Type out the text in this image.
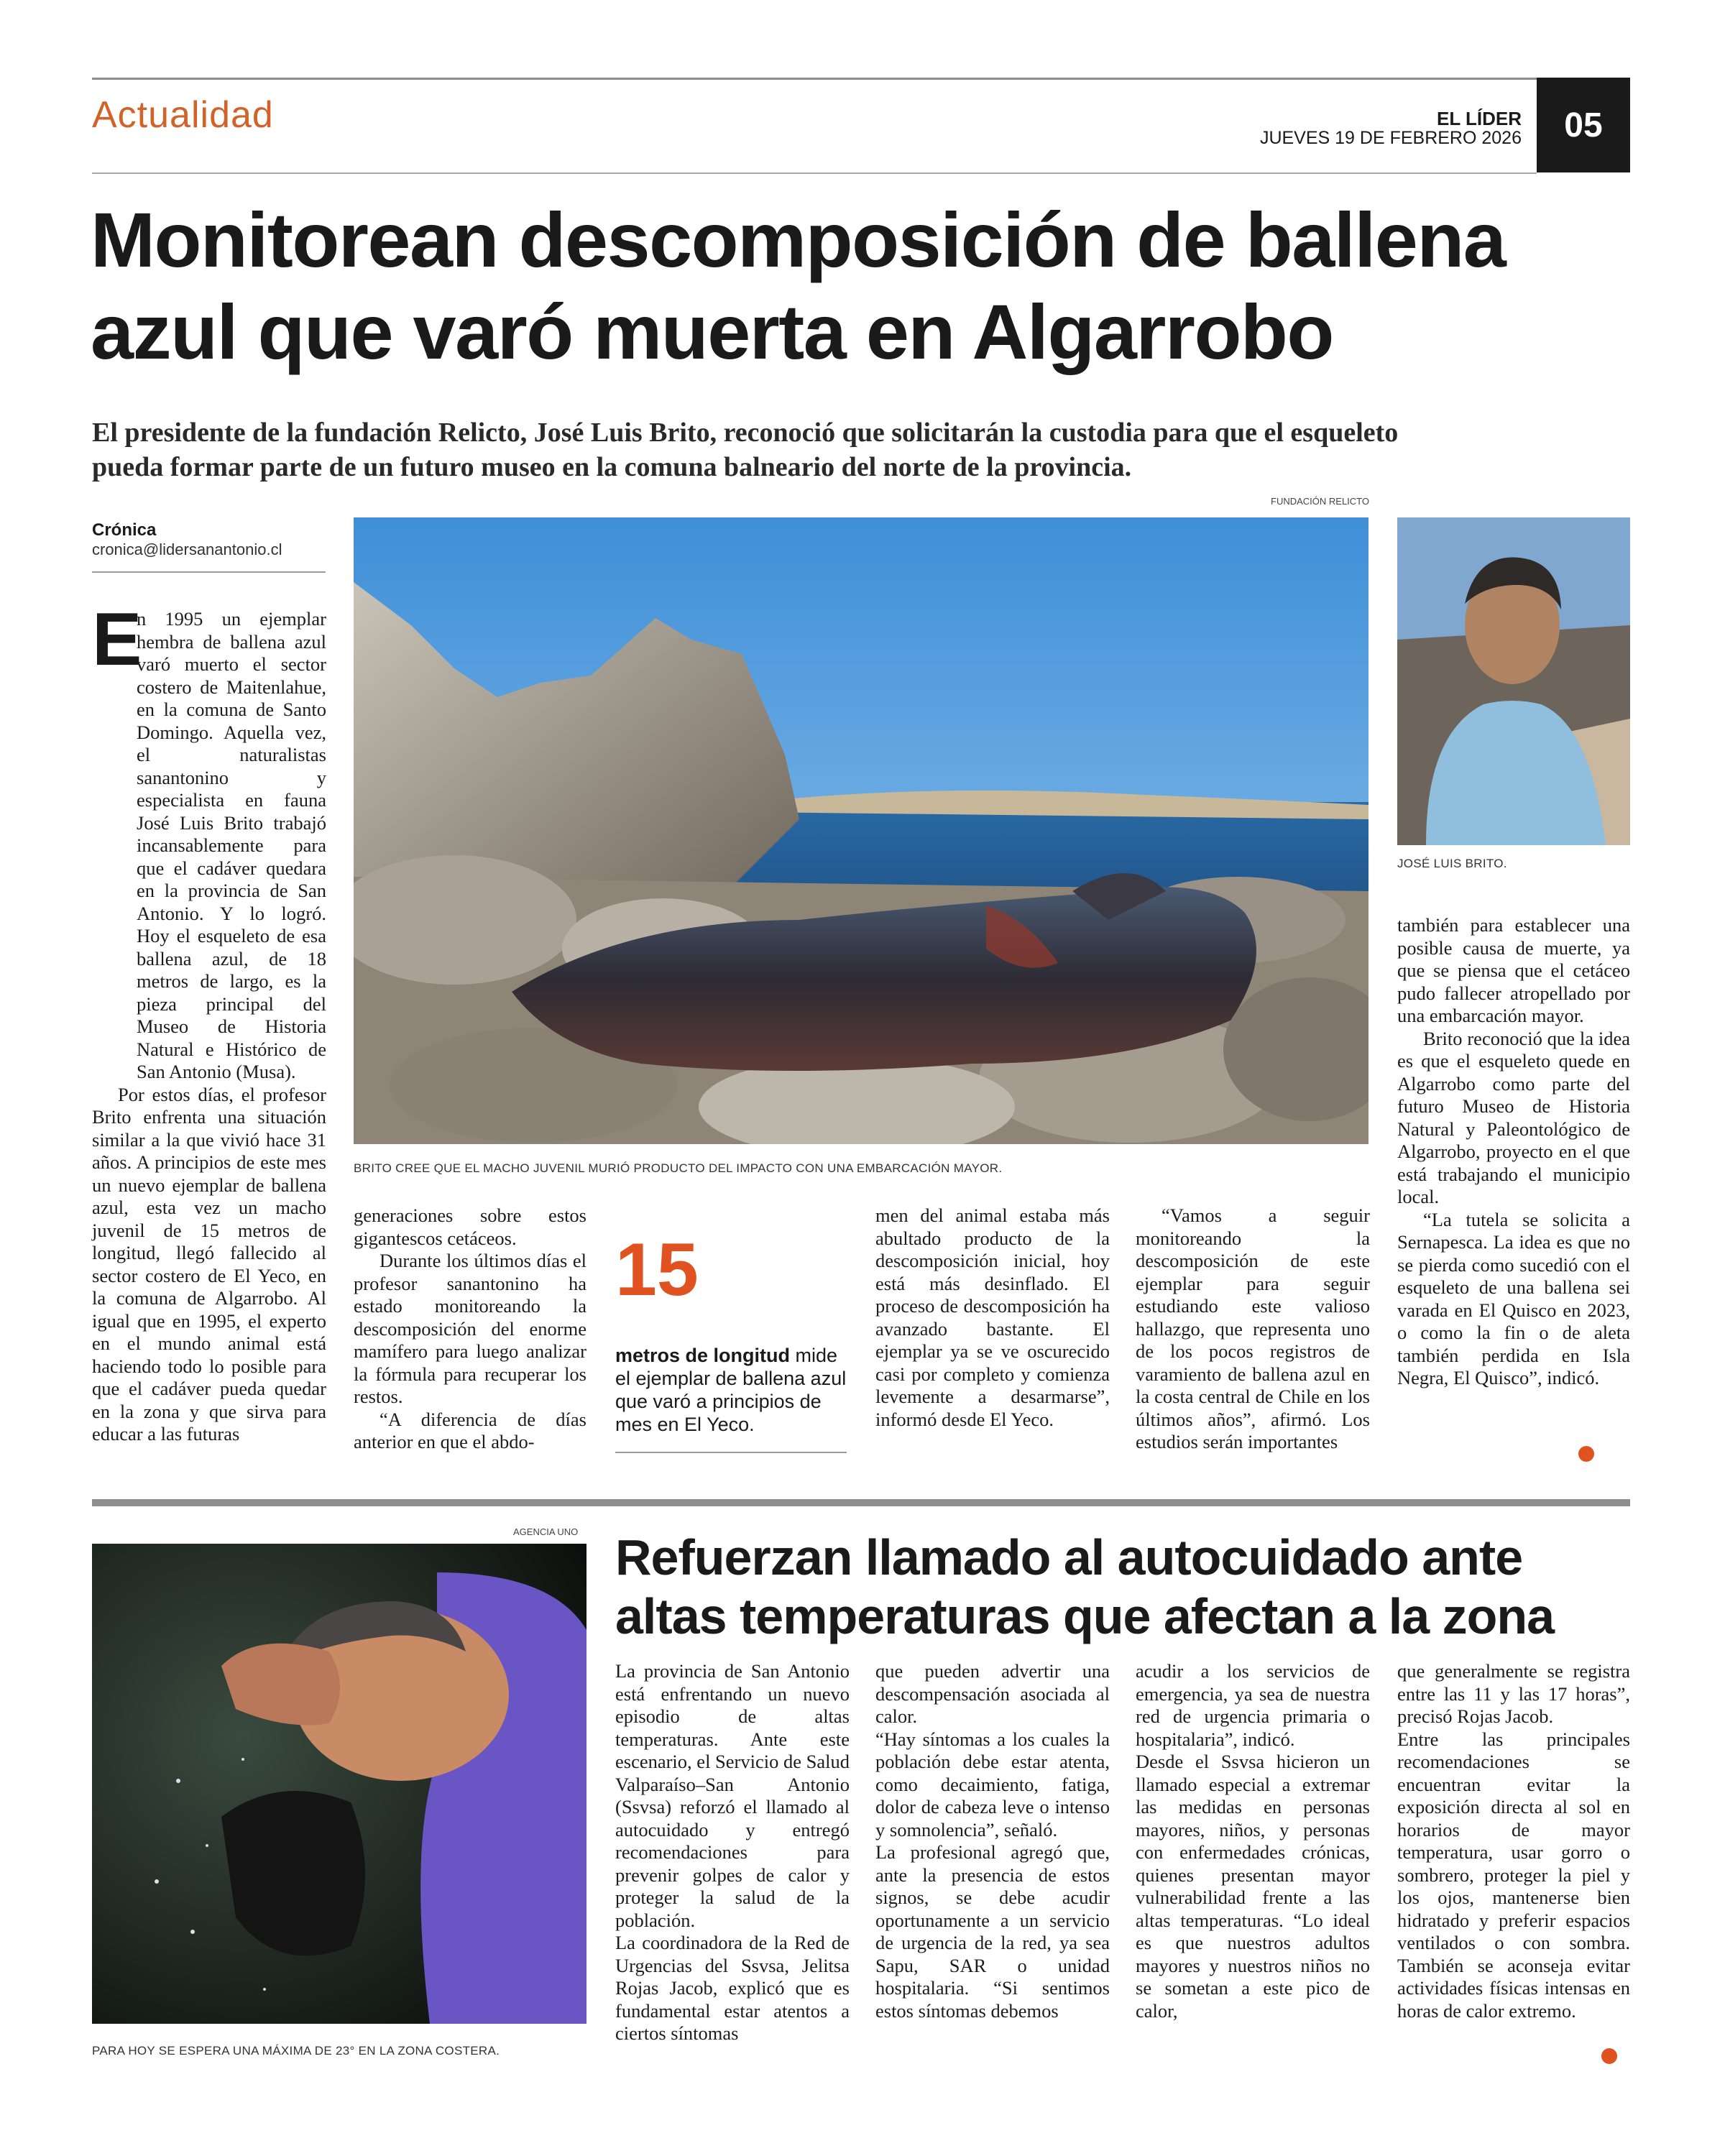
Actualidad	EL LÍDER
JUEVES 19 DE FEBRERO 2026 05
Monitorean descomposición de ballena
azul que varó muerta en Algarrobo
El presidente de la fundación Relicto, José Luis Brito, reconoció que solicitarán la custodia para que el esqueleto
pueda formar parte de un futuro museo en la comuna balneario del norte de la provincia.
FUNDACIÓN RELICTO
Crónica
cronica@lidersanantonio.cl
BRITO CREE QUE EL MACHO JUVENIL MURIÓ PRODUCTO DEL IMPACTO CON UNA EMBARCACIÓN MAYOR.
JOSÉ LUIS BRITO.
E

n 1995 un ejemplar hembra de ballena azul varó muerto el sector costero de Maitenlahue, en la comuna de Santo Domingo. Aquella vez, el naturalistas sanantonino y especialista en fauna José Luis Brito trabajó incansablemente para que el cadáver quedara en la provincia de San Antonio. Y lo logró. Hoy el esqueleto de esa ballena azul, de 18 metros de largo, es la pieza principal del Museo de Historia Natural e Histórico de San Antonio (Musa).

Por estos días, el profesor Brito enfrenta una situación similar a la que vivió hace 31 años. A principios de este mes un nuevo ejemplar de ballena azul, esta vez un macho juvenil de 15 metros de longitud, llegó fallecido al sector costero de El Yeco, en la comuna de Algarrobo. Al igual que en 1995, el experto en el mundo animal está haciendo todo lo posible para que el cadáver pueda quedar en la zona y que sirva para educar a las futuras

generaciones sobre estos gigantescos cetáceos.

Durante los últimos días el profesor sanantonino ha estado monitoreando la descomposición del enorme mamífero para luego analizar la fórmula para recuperar los restos.

“A diferencia de días anterior en que el abdo-

15
metros de longitud mide el ejemplar de ballena azul que varó a principios de mes en El Yeco.

men del animal estaba más abultado producto de la descomposición inicial, hoy está más desinflado. El proceso de descomposición ha avanzado bastante. El ejemplar ya se ve oscurecido casi por completo y comienza levemente a desarmarse”, informó desde El Yeco.

“Vamos a seguir monitoreando la descomposición de este ejemplar para seguir estudiando este valioso hallazgo, que representa uno de los pocos registros de varamiento de ballena azul en la costa central de Chile en los últimos años”, afirmó. Los estudios serán importantes

también para establecer una posible causa de muerte, ya que se piensa que el cetáceo pudo fallecer atropellado por una embarcación mayor.

Brito reconoció que la idea es que el esqueleto quede en Algarrobo como parte del futuro Museo de Historia Natural y Paleontológico de Algarrobo, proyecto en el que está trabajando el municipio local.

“La tutela se solicita a Sernapesca. La idea es que no se pierda como sucedió con el esqueleto de una ballena sei varada en El Quisco en 2023, o como la fin o de aleta también perdida en Isla Negra, El Quisco”, indicó.

AGENCIA UNO
PARA HOY SE ESPERA UNA MÁXIMA DE 23° EN LA ZONA COSTERA.
Refuerzan llamado al autocuidado ante
altas temperaturas que afectan a la zona

La provincia de San Antonio está enfrentando un nuevo episodio de altas temperaturas. Ante este escenario, el Servicio de Salud Valparaíso–San Antonio (Ssvsa) reforzó el llamado al autocuidado y entregó recomendaciones para prevenir golpes de calor y proteger la salud de la población.

La coordinadora de la Red de Urgencias del Ssvsa, Jelitsa Rojas Jacob, explicó que es fundamental estar atentos a ciertos síntomas

que pueden advertir una descompensación asociada al calor.

“Hay síntomas a los cuales la población debe estar atenta, como decaimiento, fatiga, dolor de cabeza leve o intenso y somnolencia”, señaló.

La profesional agregó que, ante la presencia de estos signos, se debe acudir oportunamente a un servicio de urgencia de la red, ya sea Sapu, SAR o unidad hospitalaria. “Si sentimos estos síntomas debemos

acudir a los servicios de emergencia, ya sea de nuestra red de urgencia primaria o hospitalaria”, indicó.

Desde el Ssvsa hicieron un llamado especial a extremar las medidas en personas mayores, niños, y personas con enfermedades crónicas, quienes presentan mayor vulnerabilidad frente a las altas temperaturas. “Lo ideal es que nuestros adultos mayores y nuestros niños no se sometan a este pico de calor,

que generalmente se registra entre las 11 y las 17 horas”, precisó Rojas Jacob.

Entre las principales recomendaciones se encuentran evitar la exposición directa al sol en horarios de mayor temperatura, usar gorro o sombrero, proteger la piel y los ojos, mantenerse bien hidratado y preferir espacios ventilados o con sombra. También se aconseja evitar actividades físicas intensas en horas de calor extremo.
